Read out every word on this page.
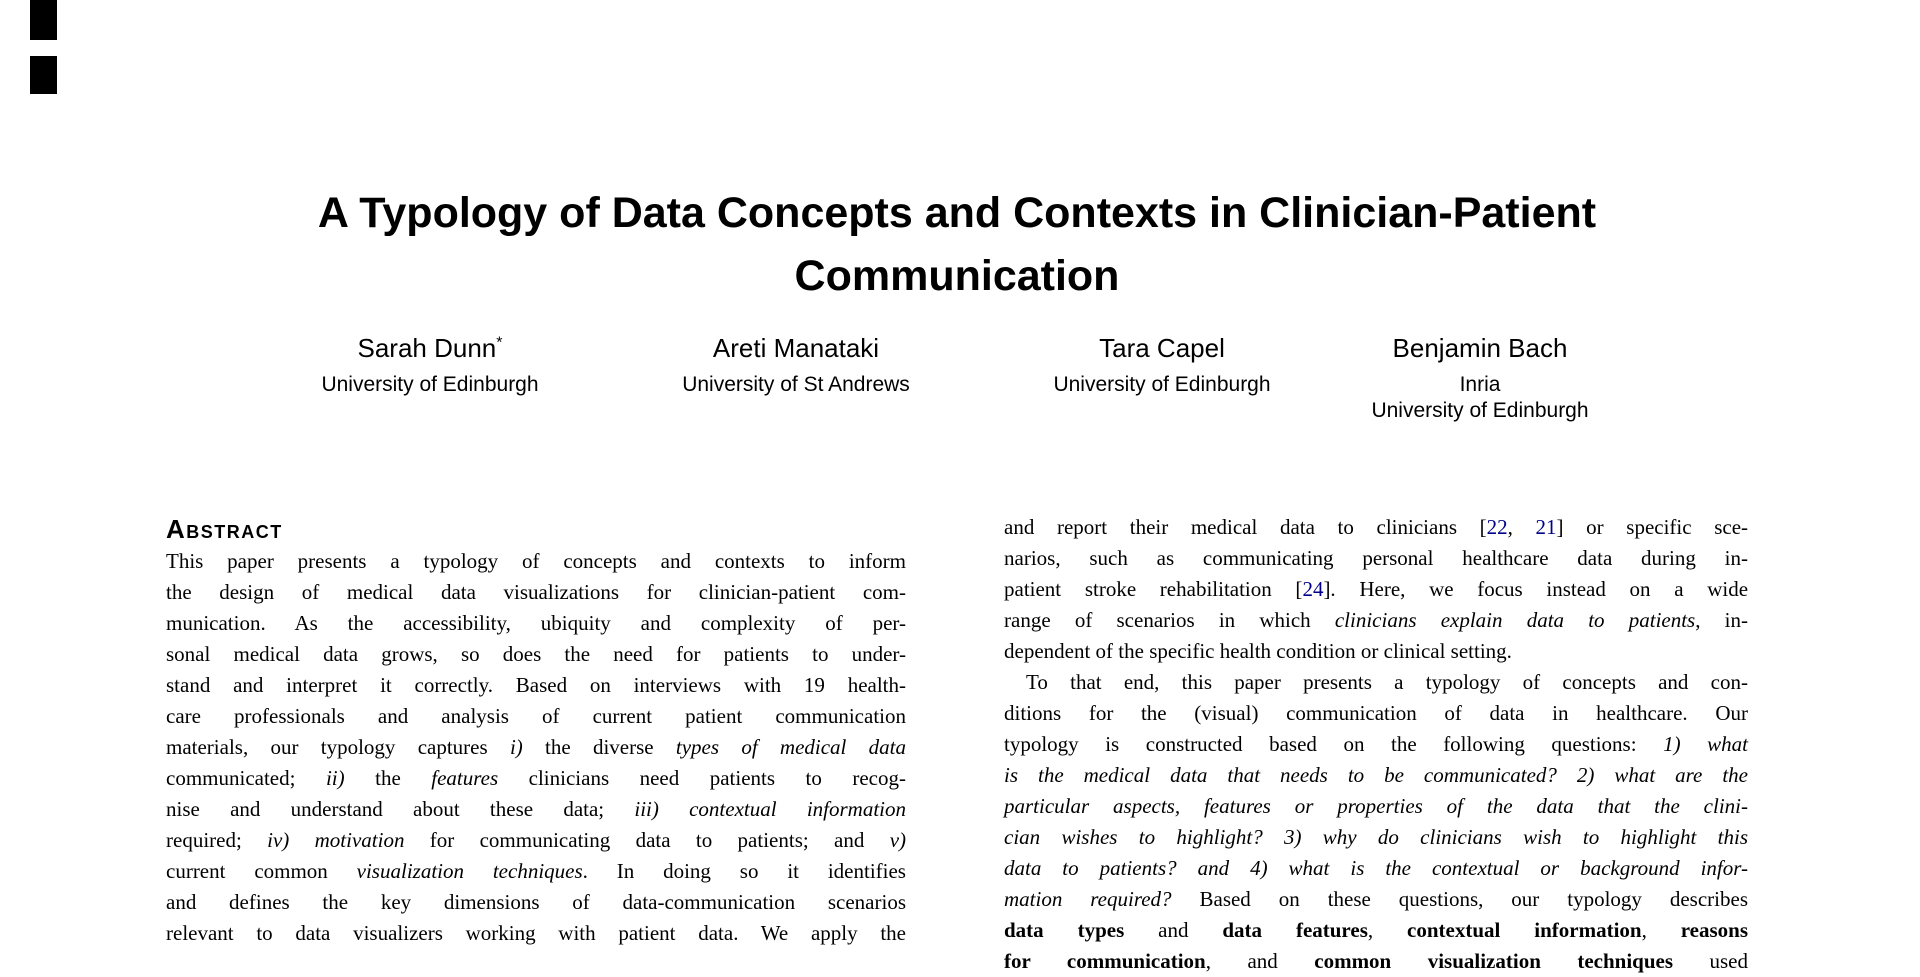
A Typology of Data Concepts and Contexts in Clinician-Patient
Communication
Sarah Dunn*
University of Edinburgh
Areti Manataki
University of St Andrews
Tara Capel
University of Edinburgh
Benjamin Bach
Inria
University of Edinburgh
Abstract
This paper presents a typology of concepts and contexts to inform
the design of medical data visualizations for clinician-patient com-
munication. As the accessibility, ubiquity and complexity of per-
sonal medical data grows, so does the need for patients to under-
stand and interpret it correctly. Based on interviews with 19 health-
care professionals and analysis of current patient communication
materials, our typology captures i) the diverse types of medical data
communicated; ii) the features clinicians need patients to recog-
nise and understand about these data; iii) contextual information
required; iv) motivation for communicating data to patients; and v)
current common visualization techniques. In doing so it identifies
and defines the key dimensions of data-communication scenarios
relevant to data visualizers working with patient data. We apply the
and report their medical data to clinicians [22, 21] or specific sce-
narios, such as communicating personal healthcare data during in-
patient stroke rehabilitation [24]. Here, we focus instead on a wide
range of scenarios in which clinicians explain data to patients, in-
dependent of the specific health condition or clinical setting.
To that end, this paper presents a typology of concepts and con-
ditions for the (visual) communication of data in healthcare. Our
typology is constructed based on the following questions: 1) what
is the medical data that needs to be communicated? 2) what are the
particular aspects, features or properties of the data that the clini-
cian wishes to highlight? 3) why do clinicians wish to highlight this
data to patients? and 4) what is the contextual or background infor-
mation required? Based on these questions, our typology describes
data types and data features, contextual information, reasons
for communication, and common visualization techniques used
